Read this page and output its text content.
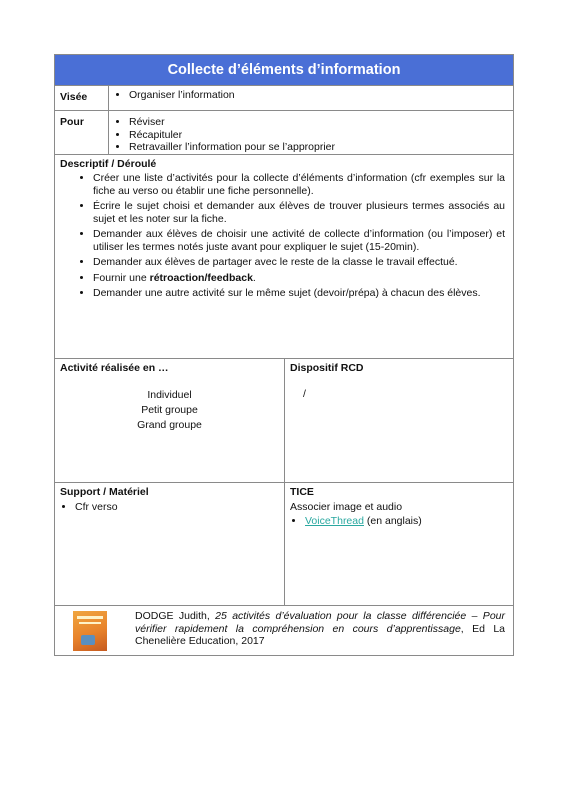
Collecte d’éléments d’information
Visée	• Organiser l’information
Pour	• Réviser
• Récapituler
• Retravailler l’information pour se l’approprier
Descriptif / Déroulé
• Créer une liste d’activités pour la collecte d’éléments d’information (cfr exemples sur la fiche au verso ou établir une fiche personnelle).
• Écrire le sujet choisi et demander aux élèves de trouver plusieurs termes associés au sujet et les noter sur la fiche.
• Demander aux élèves de choisir une activité de collecte d’information (ou l’imposer) et utiliser les termes notés juste avant pour expliquer le sujet (15-20min).
• Demander aux élèves de partager avec le reste de la classe le travail effectué.
• Fournir une rétroaction/feedback.
• Demander une autre activité sur le même sujet (devoir/prépa) à chacun des élèves.
Activité réalisée en …
Individuel
Petit groupe
Grand groupe
Dispositif RCD
/
Support / Matériel
• Cfr verso
TICE
Associer image et audio
• VoiceThread (en anglais)
DODGE Judith, 25 activités d’évaluation pour la classe différenciée – Pour vérifier rapidement la compréhension en cours d’apprentissage, Ed La Chenelière Education, 2017
